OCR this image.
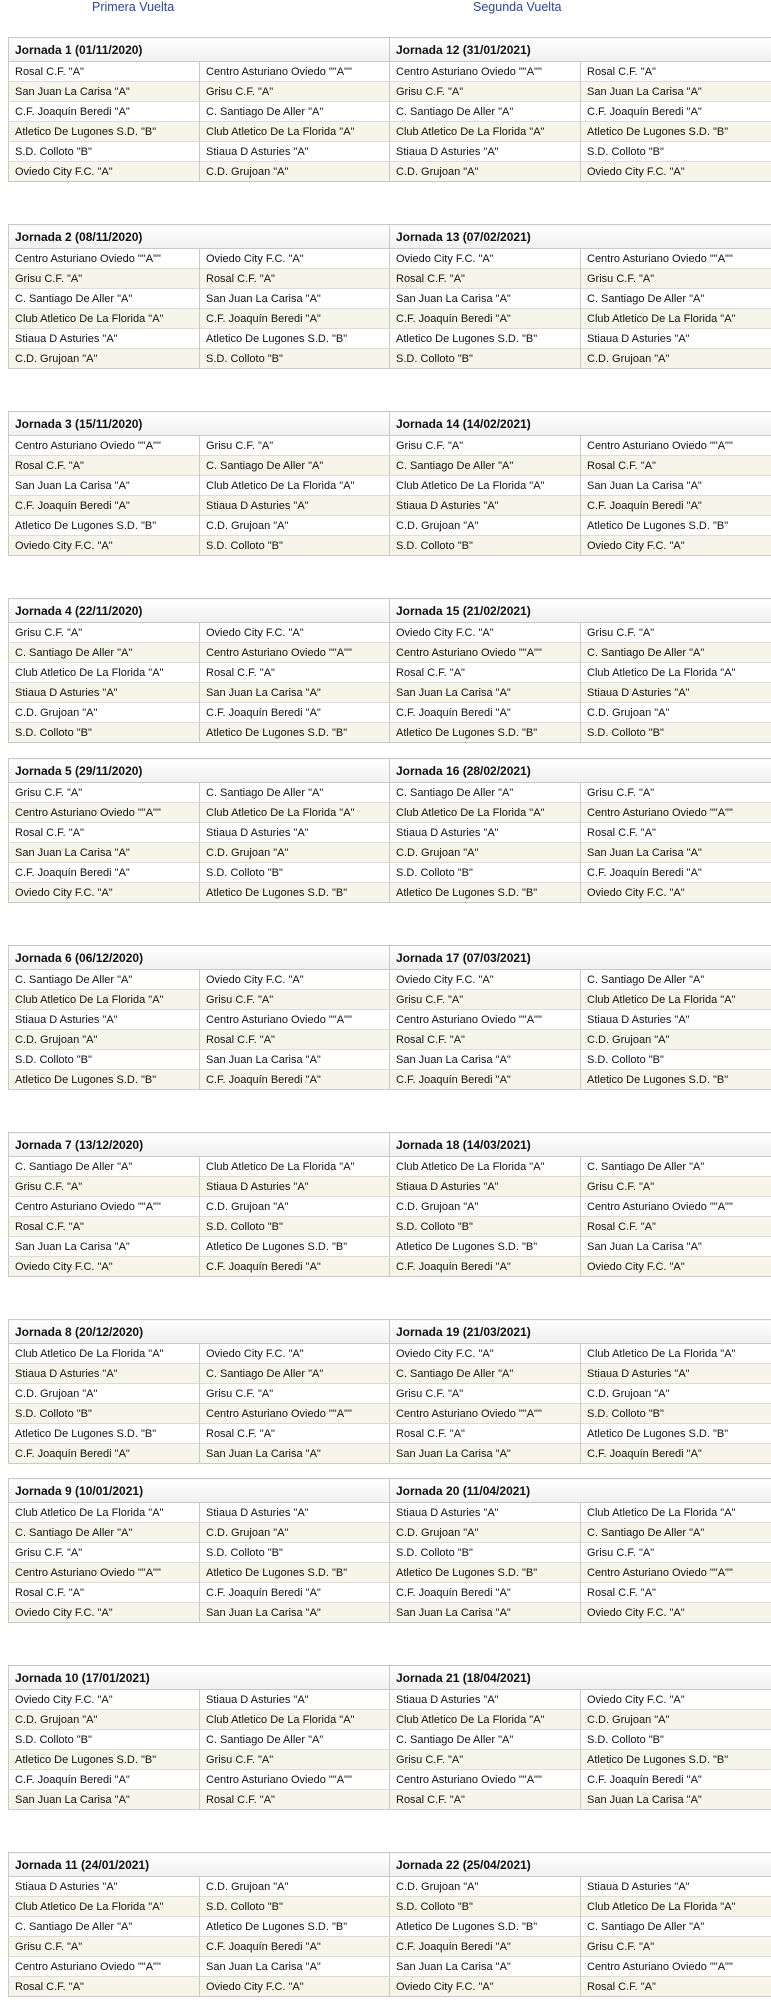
Primera Vuelta	Segunda Vuelta
Jornada 1 (01/11/2020)	
Rosal C.F. "A"	Centro Asturiano Oviedo ""A""
San Juan La Carisa "A"	Grisu C.F. "A"
C.F. Joaquín Beredi "A"	C. Santiago De Aller "A"
Atletico De Lugones S.D. "B"	Club Atletico De La Florida "A"
S.D. Colloto "B"	Stiaua D Asturies "A"
Oviedo City F.C. "A"	C.D. Grujoan "A"
Jornada 12 (31/01/2021)	
Centro Asturiano Oviedo ""A""	Rosal C.F. "A"
Grisu C.F. "A"	San Juan La Carisa "A"
C. Santiago De Aller "A"	C.F. Joaquín Beredi "A"
Club Atletico De La Florida "A"	Atletico De Lugones S.D. "B"
Stiaua D Asturies "A"	S.D. Collo​to "B"
C.D. Grujoan "A"	Oviedo City F.C. "A"
Jornada 2 (08/11/2020)	
Centro Asturiano Oviedo ""A""	Oviedo City F.C. "A"
Grisu C.F. "A"	Rosal C.F. "A"
C. Santiago De Aller "A"	San Juan La Carisa "A"
Club Atletico De La Florida "A"	C.F. Joaquín Beredi "A"
Stiaua D Asturies "A"	Atletico De Lugones S.D. "B"
C.D. Grujoan "A"	S.D. Collo​to "B"
Jornada 13 (07/02/2021)	
Oviedo City F.C. "A"	Centro Asturiano Oviedo ""A""
Rosal C.F. "A"	Grisu C.F. "A"
San Juan La Carisa "A"	C. Santiago De Aller "A"
C.F. Joaquín Beredi "A"	Club Atletico De La Florida "A"
Atletico De Lugones S.D. "B"	Stiaua D Asturies "A"
S.D. Collo​to "B"	C.D. Grujoan "A"
Jornada 3 (15/11/2020)	
Centro Asturiano Oviedo ""A""	Grisu C.F. "A"
Rosal C.F. "A"	C. Santiago De Aller "A"
San Juan La Carisa "A"	Club Atletico De La Florida "A"
C.F. Joaquín Beredi "A"	Stiaua D Asturies "A"
Atletico De Lugones S.D. "B"	C.D. Grujoan "A"
Oviedo City F.C. "A"	S.D. Collo​to "B"
Jornada 14 (14/02/2021)	
Grisu C.F. "A"	Centro Asturiano Oviedo ""A""
C. Santiago De Aller "A"	Rosal C.F. "A"
Club Atletico De La Florida "A"	San Juan La Carisa "A"
Stiaua D Asturies "A"	C.F. Joaquín Beredi "A"
C.D. Grujoan "A"	Atletico De Lugones S.D. "B"
S.D. Collo​to "B"	Oviedo City F.C. "A"
Jornada 4 (22/11/2020)	
Grisu C.F. "A"	Oviedo City F.C. "A"
C. Santiago De Aller "A"	Centro Asturiano Oviedo ""A""
Club Atletico De La Florida "A"	Rosal C.F. "A"
Stiaua D Asturies "A"	San Juan La Carisa "A"
C.D. Grujoan "A"	C.F. Joaquín Beredi "A"
S.D. Collo​to "B"	Atletico De Lugones S.D. "B"
Jornada 15 (21/02/2021)	
Oviedo City F.C. "A"	Grisu C.F. "A"
Centro Asturiano Oviedo ""A""	C. Santiago De Aller "A"
Rosal C.F. "A"	Club Atletico De La Florida "A"
San Juan La Carisa "A"	Stiaua D Asturies "A"
C.F. Joaquín Beredi "A"	C.D. Grujoan "A"
Atletico De Lugones S.D. "B"	S.D. Collo​to "B"
Jornada 5 (29/11/2020)	
Grisu C.F. "A"	C. Santiago De Aller "A"
Centro Asturiano Oviedo ""A""	Club Atletico De La Florida "A"
Rosal C.F. "A"	Stiaua D Asturies "A"
San Juan La Carisa "A"	C.D. Grujoan "A"
C.F. Joaquín Beredi "A"	S.D. Collo​to "B"
Oviedo City F.C. "A"	Atletico De Lugones S.D. "B"
Jornada 16 (28/02/2021)	
C. Santiago De Aller "A"	Grisu C.F. "A"
Club Atletico De La Florida "A"	Centro Asturiano Oviedo ""A""
Stiaua D Asturies "A"	Rosal C.F. "A"
C.D. Grujoan "A"	San Juan La Carisa "A"
S.D. Collo​to "B"	C.F. Joaquín Beredi "A"
Atletico De Lugones S.D. "B"	Oviedo City F.C. "A"
Jornada 6 (06/12/2020)	
C. Santiago De Aller "A"	Oviedo City F.C. "A"
Club Atletico De La Florida "A"	Grisu C.F. "A"
Stiaua D Asturies "A"	Centro Asturiano Oviedo ""A""
C.D. Grujoan "A"	Rosal C.F. "A"
S.D. Collo​to "B"	San Juan La Carisa "A"
Atletico De Lugones S.D. "B"	C.F. Joaquín Beredi "A"
Jornada 17 (07/03/2021)	
Oviedo City F.C. "A"	C. Santiago De Aller "A"
Grisu C.F. "A"	Club Atletico De La Florida "A"
Centro Asturiano Oviedo ""A""	Stiaua D Asturies "A"
Rosal C.F. "A"	C.D. Grujoan "A"
San Juan La Carisa "A"	S.D. Collo​to "B"
C.F. Joaquín Beredi "A"	Atletico De Lugones S.D. "B"
Jornada 7 (13/12/2020)	
C. Santiago De Aller "A"	Club Atletico De La Florida "A"
Grisu C.F. "A"	Stiaua D Asturies "A"
Centro Asturiano Oviedo ""A""	C.D. Grujoan "A"
Rosal C.F. "A"	S.D. Collo​to "B"
San Juan La Carisa "A"	Atletico De Lugones S.D. "B"
Oviedo City F.C. "A"	C.F. Joaquín Beredi "A"
Jornada 18 (14/03/2021)	
Club Atletico De La Florida "A"	C. Santiago De Aller "A"
Stiaua D Asturies "A"	Grisu C.F. "A"
C.D. Grujoan "A"	Centro Asturiano Oviedo ""A""
S.D. Collo​to "B"	Rosal C.F. "A"
Atletico De Lugones S.D. "B"	San Juan La Carisa "A"
C.F. Joaquín Beredi "A"	Oviedo City F.C. "A"
Jornada 8 (20/12/2020)	
Club Atletico De La Florida "A"	Oviedo City F.C. "A"
Stiaua D Asturies "A"	C. Santiago De Aller "A"
C.D. Grujoan "A"	Grisu C.F. "A"
S.D. Collo​to "B"	Centro Asturiano Oviedo ""A""
Atletico De Lugones S.D. "B"	Rosal C.F. "A"
C.F. Joaquín Beredi "A"	San Juan La Carisa "A"
Jornada 19 (21/03/2021)	
Oviedo City F.C. "A"	Club Atletico De La Florida "A"
C. Santiago De Aller "A"	Stiaua D Asturies "A"
Grisu C.F. "A"	C.D. Grujoan "A"
Centro Asturiano Oviedo ""A""	S.D. Collo​to "B"
Rosal C.F. "A"	Atletico De Lugones S.D. "B"
San Juan La Carisa "A"	C.F. Joaquín Beredi "A"
Jornada 9 (10/01/2021)	
Club Atletico De La Florida "A"	Stiaua D Asturies "A"
C. Santiago De Aller "A"	C.D. Grujoan "A"
Grisu C.F. "A"	S.D. Collo​to "B"
Centro Asturiano Oviedo ""A""	Atletico De Lugones S.D. "B"
Rosal C.F. "A"	C.F. Joaquín Beredi "A"
Oviedo City F.C. "A"	San Juan La Carisa "A"
Jornada 20 (11/04/2021)	
Stiaua D Asturies "A"	Club Atletico De La Florida "A"
C.D. Grujoan "A"	C. Santiago De Aller "A"
S.D. Collo​to "B"	Grisu C.F. "A"
Atletico De Lugones S.D. "B"	Centro Asturiano Oviedo ""A""
C.F. Joaquín Beredi "A"	Rosal C.F. "A"
San Juan La Carisa "A"	Oviedo City F.C. "A"
Jornada 10 (17/01/2021)	
Oviedo City F.C. "A"	Stiaua D Asturies "A"
C.D. Grujoan "A"	Club Atletico De La Florida "A"
S.D. Collo​to "B"	C. Santiago De Aller "A"
Atletico De Lugones S.D. "B"	Grisu C.F. "A"
C.F. Joaquín Beredi "A"	Centro Asturiano Oviedo ""A""
San Juan La Carisa "A"	Rosal C.F. "A"
Jornada 21 (18/04/2021)	
Stiaua D Asturies "A"	Oviedo City F.C. "A"
Club Atletico De La Florida "A"	C.D. Grujoan "A"
C. Santiago De Aller "A"	S.D. Collo​to "B"
Grisu C.F. "A"	Atletico De Lugones S.D. "B"
Centro Asturiano Oviedo ""A""	C.F. Joaquín Beredi "A"
Rosal C.F. "A"	San Juan La Carisa "A"
Jornada 11 (24/01/2021)	
Stiaua D Asturies "A"	C.D. Grujoan "A"
Club Atletico De La Florida "A"	S.D. Collo​to "B"
C. Santiago De Aller "A"	Atletico De Lugones S.D. "B"
Grisu C.F. "A"	C.F. Joaquín Beredi "A"
Centro Asturiano Oviedo ""A""	San Juan La Carisa "A"
Rosal C.F. "A"	Oviedo City F.C. "A"
Jornada 22 (25/04/2021)	
C.D. Grujoan "A"	Stiaua D Asturies "A"
S.D. Collo​to "B"	Club Atletico De La Florida "A"
Atletico De Lugones S.D. "B"	C. Santiago De Aller "A"
C.F. Joaquín Beredi "A"	Grisu C.F. "A"
San Juan La Carisa "A"	Centro Asturiano Oviedo ""A""
Oviedo City F.C. "A"	Rosal C.F. "A"
